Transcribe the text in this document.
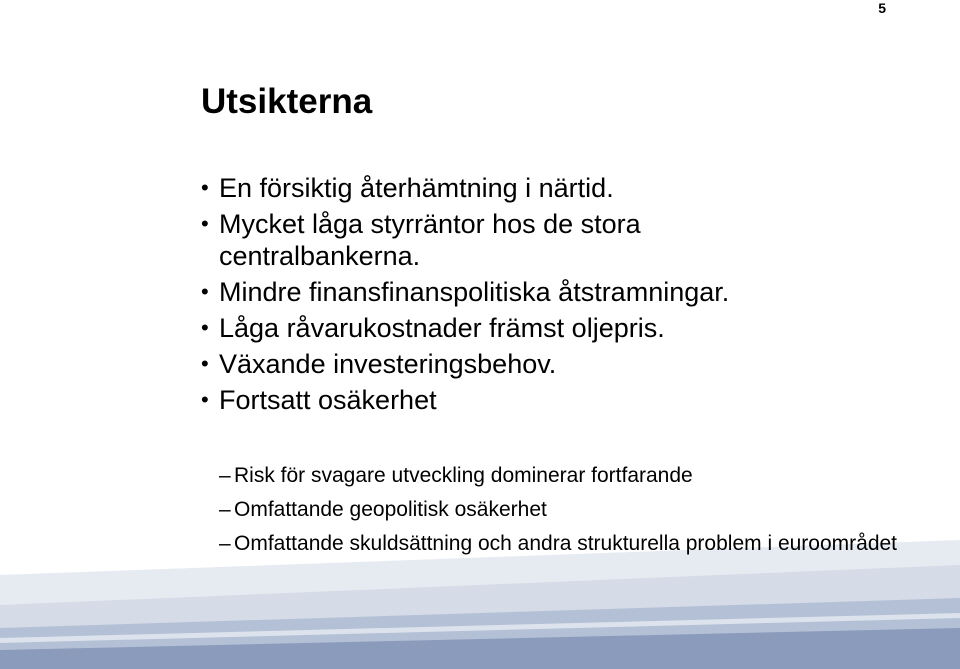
5
Utsikterna
• En försiktig återhämtning i närtid.
• Mycket låga styrräntor hos de stora centralbankerna.
• Mindre finansfinanspolitiska åtstramningar.
• Låga råvarukostnader främst oljepris.
• Växande investeringsbehov.
• Fortsatt osäkerhet
– Risk för svagare utveckling dominerar fortfarande
– Omfattande geopolitisk osäkerhet
– Omfattande skuldsättning och andra strukturella problem i euroområdet
